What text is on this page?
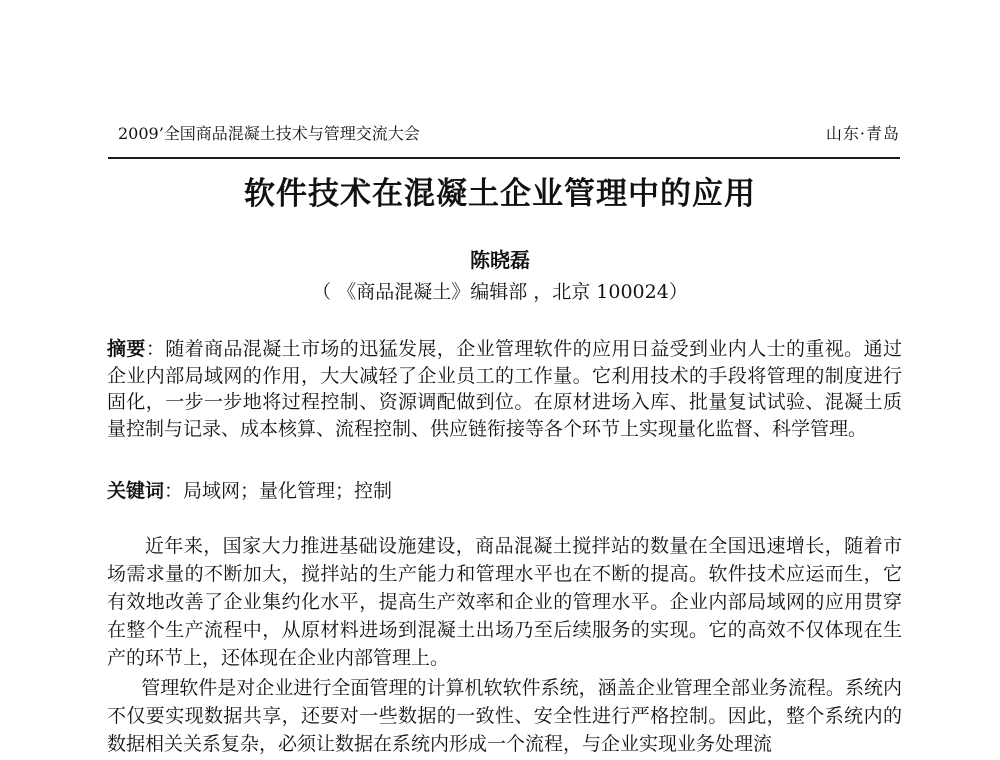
2009’全国商品混凝土技术与管理交流大会	山东·青岛
软件技术在混凝土企业管理中的应用
陈晓磊
（ 《商品混凝土》编辑部 ，北京 100024）

摘要：随着商品混凝土市场的迅猛发展，企业管理软件的应用日益受到业内人士的重视。通过企业内部局域网的作用，大大减轻了企业员工的工作量。它利用技术的手段将管理的制度进行固化，一步一步地将过程控制、资源调配做到位。在原材进场入库、批量复试试验、混凝土质量控制与记录、成本核算、流程控制、供应链衔接等各个环节上实现量化监督、科学管理。

关键词：局域网；量化管理；控制

近年来，国家大力推进基础设施建设，商品混凝土搅拌站的数量在全国迅速增长，随着市场需求量的不断加大，搅拌站的生产能力和管理水平也在不断的提高。软件技术应运而生，它有效地改善了企业集约化水平，提高生产效率和企业的管理水平。企业内部局域网的应用贯穿在整个生产流程中，从原材料进场到混凝土出场乃至后续服务的实现。它的高效不仅体现在生产的环节上，还体现在企业内部管理上。

管理软件是对企业进行全面管理的计算机软软件系统，涵盖企业管理全部业务流程。系统内不仅要实现数据共享，还要对一些数据的一致性、安全性进行严格控制。因此，整个系统内的数据相关关系复杂，必须让数据在系统内形成一个流程，与企业实现业务处理流
